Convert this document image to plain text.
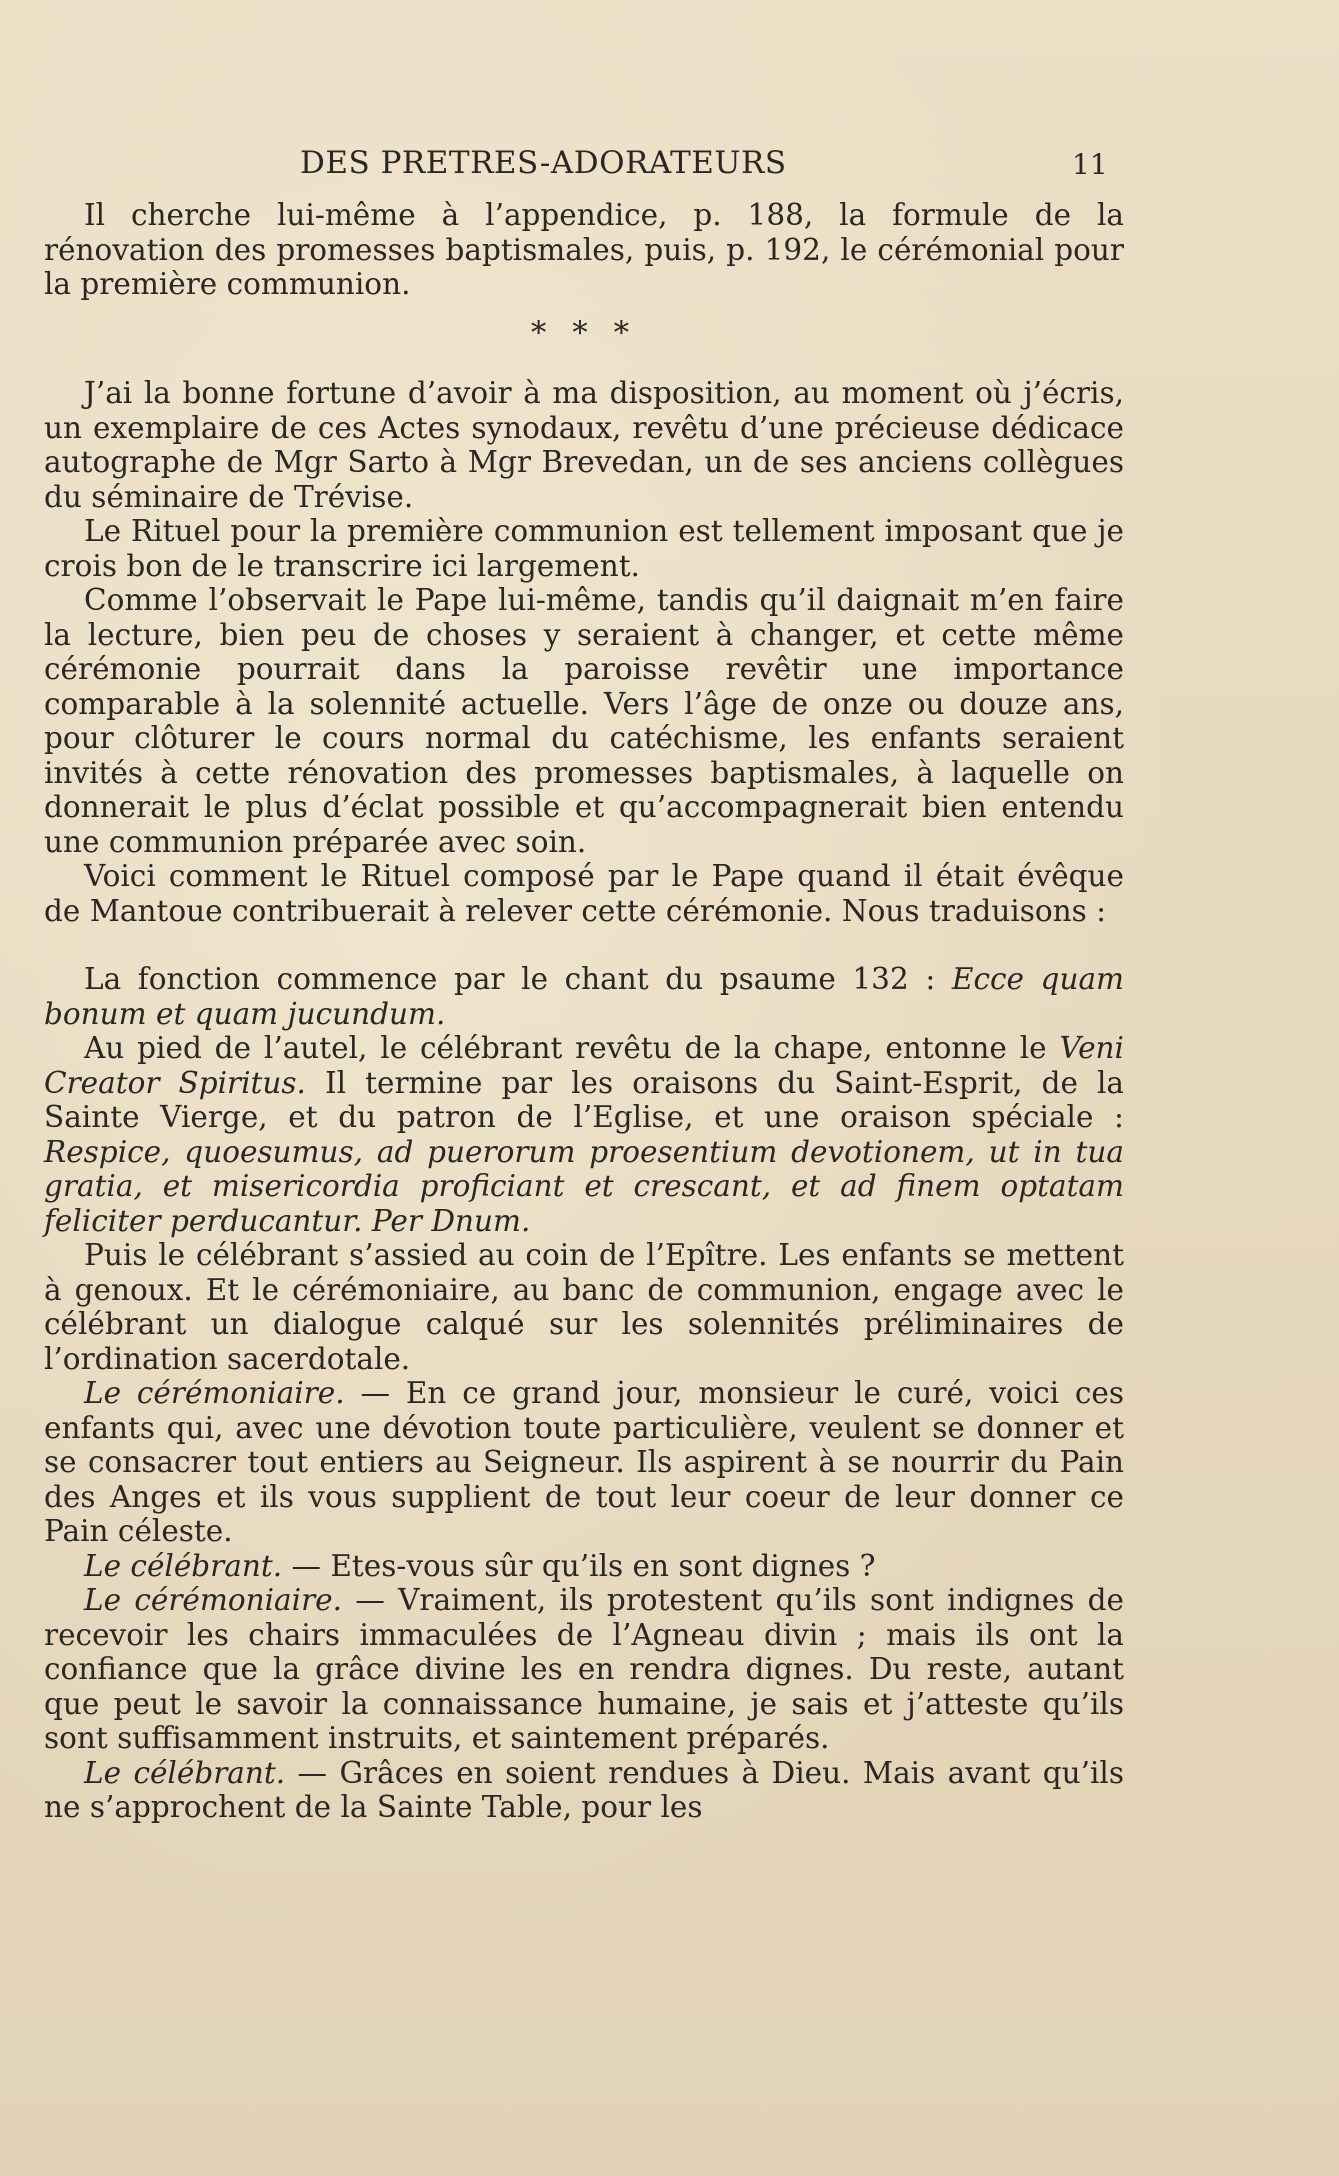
DES PRETRES-ADORATEURS	11

Il cherche lui-même à l’appendice, p. 188, la formule de la rénovation des promesses baptismales, puis, p. 192, le cérémonial pour la première communion.

* * *

J’ai la bonne fortune d’avoir à ma disposition, au moment où j’écris, un exemplaire de ces Actes synodaux, revêtu d’une précieuse dédicace autographe de Mgr Sarto à Mgr Brevedan, un de ses anciens collègues du séminaire de Trévise.

Le Rituel pour la première communion est tellement imposant que je crois bon de le transcrire ici largement.

Comme l’observait le Pape lui-même, tandis qu’il daignait m’en faire la lecture, bien peu de choses y seraient à changer, et cette même cérémonie pourrait dans la paroisse revêtir une importance comparable à la solennité actuelle. Vers l’âge de onze ou douze ans, pour clôturer le cours normal du catéchisme, les enfants seraient invités à cette rénovation des promesses baptismales, à laquelle on donnerait le plus d’éclat possible et qu’accompagnerait bien entendu une communion préparée avec soin.

Voici comment le Rituel composé par le Pape quand il était évêque de Mantoue contribuerait à relever cette cérémonie. Nous traduisons :

La fonction commence par le chant du psaume 132 : Ecce quam bonum et quam jucundum.

Au pied de l’autel, le célébrant revêtu de la chape, entonne le Veni Creator Spiritus. Il termine par les oraisons du Saint-Esprit, de la Sainte Vierge, et du patron de l’Eglise, et une oraison spéciale : Respice, quoesumus, ad puerorum proesentium devotionem, ut in tua gratia, et misericordia proficiant et crescant, et ad finem optatam feliciter perducantur. Per Dnum.

Puis le célébrant s’assied au coin de l’Epître. Les enfants se mettent à genoux. Et le cérémoniaire, au banc de communion, engage avec le célébrant un dialogue calqué sur les solennités préliminaires de l’ordination sacerdotale.

Le cérémoniaire. — En ce grand jour, monsieur le curé, voici ces enfants qui, avec une dévotion toute particulière, veulent se donner et se consacrer tout entiers au Seigneur. Ils aspirent à se nourrir du Pain des Anges et ils vous supplient de tout leur coeur de leur donner ce Pain céleste.

Le célébrant. — Etes-vous sûr qu’ils en sont dignes ?

Le cérémoniaire. — Vraiment, ils protestent qu’ils sont indignes de recevoir les chairs immaculées de l’Agneau divin ; mais ils ont la confiance que la grâce divine les en rendra dignes. Du reste, autant que peut le savoir la connaissance humaine, je sais et j’atteste qu’ils sont suffisamment instruits, et saintement préparés.

Le célébrant. — Grâces en soient rendues à Dieu. Mais avant qu’ils ne s’approchent de la Sainte Table, pour les
